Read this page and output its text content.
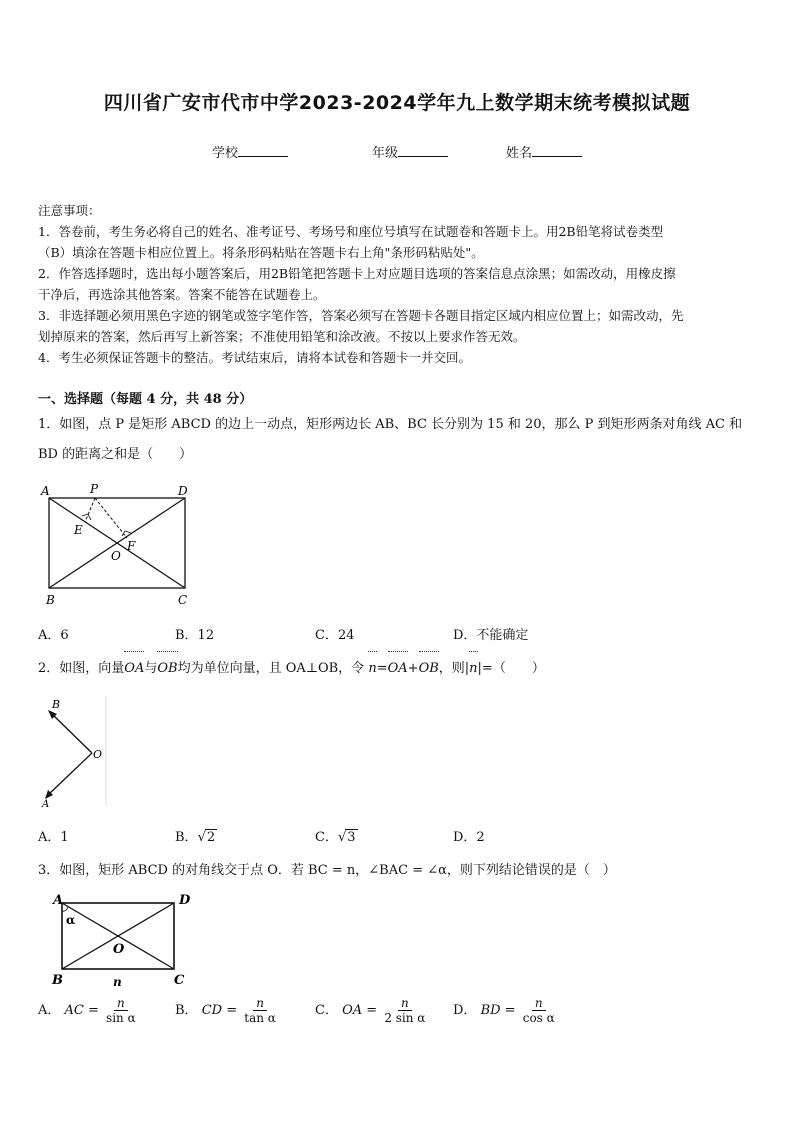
四川省广安市代市中学2023-2024学年九上数学期末统考模拟试题
学校	年级	姓名

注意事项：

1．答卷前，考生务必将自己的姓名、准考证号、考场号和座位号填写在试题卷和答题卡上。用2B铅笔将试卷类型

（B）填涂在答题卡相应位置上。将条形码粘贴在答题卡右上角"条形码粘贴处"。

2．作答选择题时，选出每小题答案后，用2B铅笔把答题卡上对应题目选项的答案信息点涂黑；如需改动，用橡皮擦

干净后，再选涂其他答案。答案不能答在试题卷上。

3．非选择题必须用黑色字迹的钢笔或签字笔作答，答案必须写在答题卡各题目指定区域内相应位置上；如需改动，先

划掉原来的答案，然后再写上新答案；不准使用铅笔和涂改液。不按以上要求作答无效。

4．考生必须保证答题卡的整洁。考试结束后，请将本试卷和答题卡一并交回。

一、选择题（每题 4 分，共 48 分）
1．如图，点 P 是矩形 ABCD 的边上一动点，矩形两边长 AB、BC 长分别为 15 和 20，那么 P 到矩形两条对角线 AC 和
BD 的距离之和是（　　）
A	P	D
E
O
F
B	C
A．6	B．12	C．24	D．不能确定
2．如图，向量OA与OB均为单位向量，且 OA⊥OB，令 n=OA+OB，则|n|=（　　）
B
O
A
A．1	B．√2	C．√3	D．2
3．如图，矩形 ABCD 的对角线交于点 O．若 BC = n，∠BAC = ∠α，则下列结论错误的是（　）
A
α
D
O
B	n	C
A． AC = $\frac{n}{\text{sin α}}$	B． CD = $\frac{n}{\text{tan α}}$	C． OA = $\frac{n}{\text{2 sin α}}$ D． BD = $\frac{n}{\text{cos α}}$
